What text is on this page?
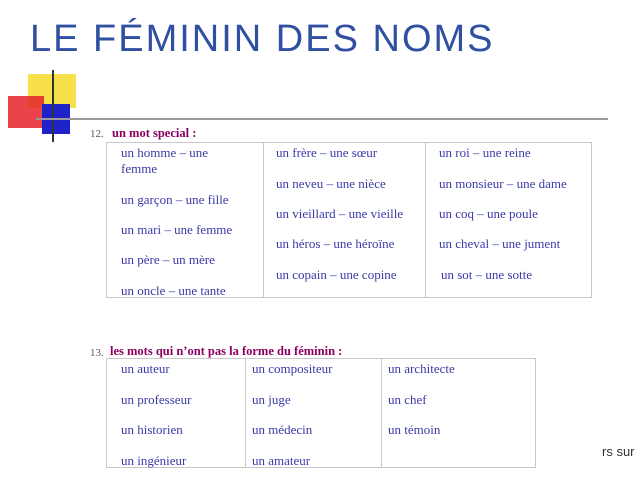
LE FÉMININ DES NOMS
12. un mot special :
un homme – une femme
un garçon – une fille
un mari – une femme
un père – un mère
un oncle – une tante
un frère – une sœur
un neveu – une nièce
un vieillard – une vieille
un héros – une héroïne
un copain – une copine
un roi – une reine
un monsieur – une dame
un coq – une poule
un cheval – une jument
un sot – une sotte
13. les mots qui n’ont pas la forme du féminin :
un auteur
un professeur
un historien
un ingénieur
un compositeur
un juge
un médecin
un amateur
un architecte
un chef
un témoin
rs sur
